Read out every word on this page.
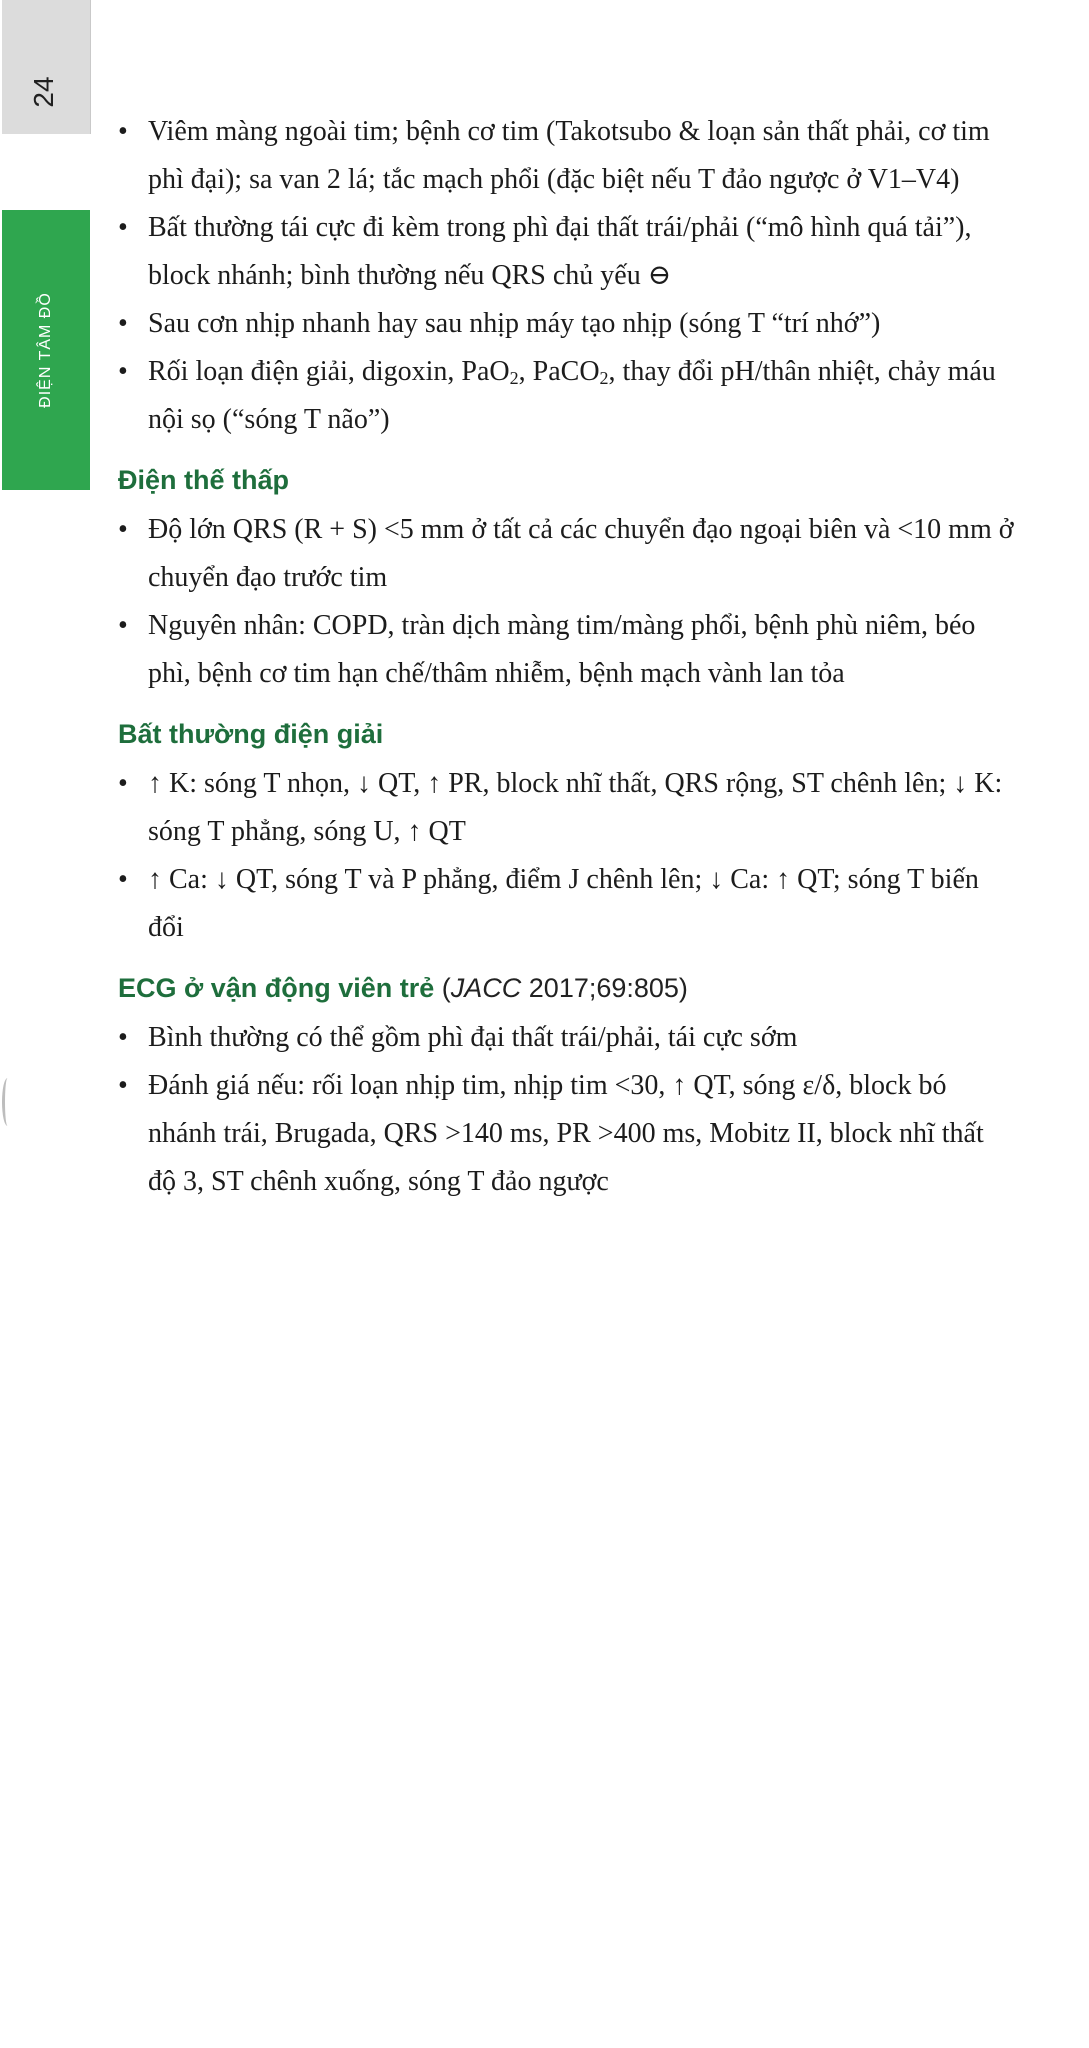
24
ĐIỆN TÂM ĐỒ
• Viêm màng ngoài tim; bệnh cơ tim (Takotsubo & loạn sản thất phải, cơ tim phì đại); sa van 2 lá; tắc mạch phổi (đặc biệt nếu T đảo ngược ở V1–V4)
• Bất thường tái cực đi kèm trong phì đại thất trái/phải (“mô hình quá tải”), block nhánh; bình thường nếu QRS chủ yếu ⊖
• Sau cơn nhịp nhanh hay sau nhịp máy tạo nhịp (sóng T “trí nhớ”)
• Rối loạn điện giải, digoxin, PaO$_2$, PaCO$_2$, thay đổi pH/thân nhiệt, chảy máu nội sọ (“sóng T não”)
Điện thế thấp
• Độ lớn QRS (R + S) <5 mm ở tất cả các chuyển đạo ngoại biên và <10 mm ở chuyển đạo trước tim
• Nguyên nhân: COPD, tràn dịch màng tim/màng phổi, bệnh phù niêm, béo phì, bệnh cơ tim hạn chế/thâm nhiễm, bệnh mạch vành lan tỏa
Bất thường điện giải
• ↑ K: sóng T nhọn, ↓ QT, ↑ PR, block nhĩ thất, QRS rộng, ST chênh lên; ↓ K: sóng T phẳng, sóng U, ↑ QT
• ↑ Ca: ↓ QT, sóng T và P phẳng, điểm J chênh lên; ↓ Ca: ↑ QT; sóng T biến đổi
ECG ở vận động viên trẻ (JACC 2017;69:805)
• Bình thường có thể gồm phì đại thất trái/phải, tái cực sớm
• Đánh giá nếu: rối loạn nhịp tim, nhịp tim <30, ↑ QT, sóng ε/δ, block bó nhánh trái, Brugada, QRS >140 ms, PR >400 ms, Mobitz II, block nhĩ thất độ 3, ST chênh xuống, sóng T đảo ngược
